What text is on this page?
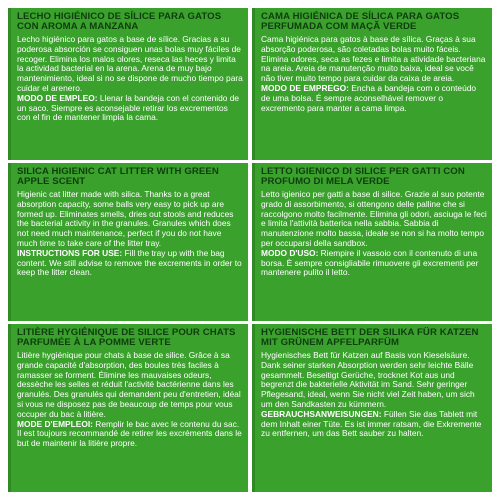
LECHO HIGIÉNICO DE SÍLICE PARA GATOS CON AROMA A MANZANA

Lecho higiénico para gatos a base de sílice. Gracias a su poderosa absorción se consiguen unas bolas muy fáciles de recoger. Elimina los malos olores, reseca las heces y limita la actividad bacterial en la arena. Arena de muy bajo mantenimiento, ideal si no se dispone de mucho tiempo para cuidar el arenero.
MODO DE EMPLEO: Llenar la bandeja con el contenido de un saco. Siempre es aconsejable retirar los excrementos con el fin de mantener limpia la cama.

CAMA HIGIÉNICA DE SÍLICA PARA GATOS PERFUMADA COM MAÇÃ VERDE

Cama higiénica para gatos à base de sílica. Graças à sua absorção poderosa, são coletadas bolas muito fáceis. Elimina odores, seca as fezes e limita a atividade bacteriana na areia. Areia de manutenção muito baixa, ideal se você não tiver muito tempo para cuidar da caixa de areia.
MODO DE EMPREGO: Encha a bandeja com o conteúdo de uma bolsa. É sempre aconselhável remover o excremento para manter a cama limpa.

SILICA HIGIENIC CAT LITTER WITH GREEN APPLE SCENT

Higienic cat litter made with silica. Thanks to a great absorption capacity, some balls very easy to pick up are formed up. Eliminates smells, dries out stools and reduces the bacterial activity in the granules. Granules which does not need much maintenance, perfect if you do not have much time to take care of the litter tray.
INSTRUCTIONS FOR USE: Fill the tray up with the bag content. We still advise to remove the excrements in order to keep the litter clean.

LETTO IGIENICO DI SILICE PER GATTI CON PROFUMO DI MELA VERDE

Letto igienico per gatti a base di silice. Grazie al suo potente grado di assorbimento, si ottengono delle palline che si raccolgono molto facilmente. Elimina gli odori, asciuga le feci e limita l'attività batterica nella sabbia. Sabbia di manutenzione molto bassa, ideale se non si ha molto tempo per occuparsi della sandbox.
MODO D'USO: Riempire il vassoio con il contenuto di una borsa. È sempre consigliabile rimuovere gli excrementi per mantenere pulito il letto.

LITIÈRE HYGIÉNIQUE DE SILICE POUR CHATS PARFUMÉE À LA POMME VERTE

Litière hygiénique pour chats à base de silice. Grâce à sa grande capacité d'absorption, des boules très faciles à ramasser se forment. Élimine les mauvaises odeurs, dessèche les selles et réduit l'activité bactérienne dans les granulés. Des granulés qui demandent peu d'entretien, idéal si vous ne disposez pas de beaucoup de temps pour vous occuper du bac à litière.
MODE D'EMPLEOI: Remplir le bac avec le contenu du sac. Il est toujours recommandé de retirer les excréments dans le but de maintenir la litière propre.

HYGIENISCHE BETT DER SILIKA FÜR KATZEN MIT GRÜNEM APFELPARFÜM

Hygienisches Bett für Katzen auf Basis von Kieselsäure. Dank seiner starken Absorption werden sehr leichte Bälle gesammelt. Beseitigt Gerüche, trocknet Kot aus und begrenzt die bakterielle Aktivität im Sand. Sehr geringer Pflegesand, ideal, wenn Sie nicht viel Zeit haben, um sich um den Sandkasten zu kümmern.
GEBRAUCHSANWEISUNGEN: Füllen Sie das Tablett mit dem Inhalt einer Tüte. Es ist immer ratsam, die Exkremente zu entfernen, um das Bett sauber zu halten.
